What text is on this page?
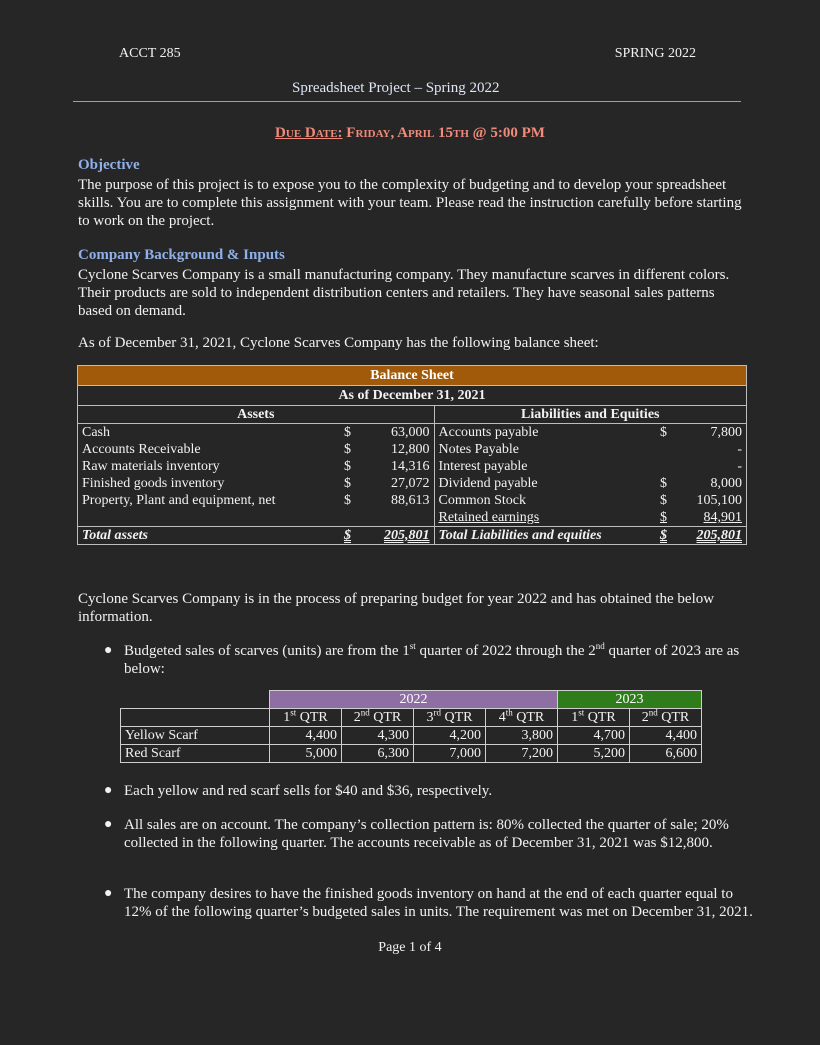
ACCT 285	SPRING 2022
Spreadsheet Project – Spring 2022
Due Date: Friday, April 15th @ 5:00 PM
Objective

The purpose of this project is to expose you to the complexity of budgeting and to develop your spreadsheet skills. You are to complete this assignment with your team. Please read the instruction carefully before starting to work on the project.

Company Background & Inputs

Cyclone Scarves Company is a small manufacturing company. They manufacture scarves in different colors. Their products are sold to independent distribution centers and retailers. They have seasonal sales patterns based on demand.

As of December 31, 2021, Cyclone Scarves Company has the following balance sheet:
Balance Sheet
As of December 31, 2021
Assets			Liabilities and Equities		
Cash	$	63,000	Accounts payable	$	7,800
Accounts Receivable	$	12,800	Notes Payable		-
Raw materials inventory	$	14,316	Interest payable		-
Finished goods inventory	$	27,072	Dividend payable	$	8,000
Property, Plant and equipment, net	$	88,613	Common Stock	$	105,100
			Retained earnings	$	84,901
Total assets	$	205,801	Total Liabilities and equities	$	205,801
Cyclone Scarves Company is in the process of preparing budget for year 2022 and has obtained the below information.
● Budgeted sales of scarves (units) are from the 1st quarter of 2022 through the 2nd quarter of 2023 are as below:
	2022				2023	
	1st QTR	2nd QTR	3rd QTR	4th QTR	1st QTR	2nd QTR
Yellow Scarf	4,400	4,300	4,200	3,800	4,700	4,400
Red Scarf	5,000	6,300	7,000	7,200	5,200	6,600
● Each yellow and red scarf sells for $40 and $36, respectively.
● All sales are on account. The company’s collection pattern is: 80% collected the quarter of sale; 20% collected in the following quarter. The accounts receivable as of December 31, 2021 was $12,800.
● The company desires to have the finished goods inventory on hand at the end of each quarter equal to 12% of the following quarter’s budgeted sales in units. The requirement was met on December 31, 2021.
Page 1 of 4
